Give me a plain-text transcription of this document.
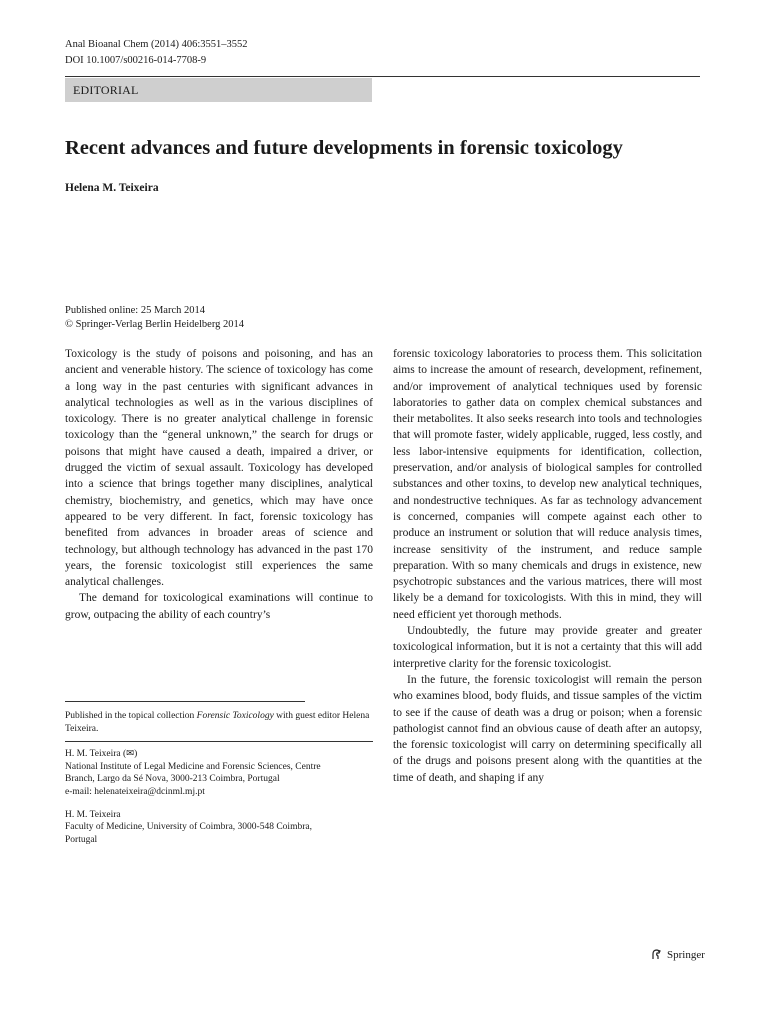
Anal Bioanal Chem (2014) 406:3551–3552
DOI 10.1007/s00216-014-7708-9
EDITORIAL
Recent advances and future developments in forensic toxicology
Helena M. Teixeira
Published online: 25 March 2014
© Springer-Verlag Berlin Heidelberg 2014

Toxicology is the study of poisons and poisoning, and has an ancient and venerable history. The science of toxicology has come a long way in the past centuries with significant advances in analytical technologies as well as in the various disciplines of toxicology. There is no greater analytical challenge in forensic toxicology than the “general unknown,” the search for drugs or poisons that might have caused a death, impaired a driver, or drugged the victim of sexual assault. Toxicology has developed into a science that brings together many disciplines, analytical chemistry, biochemistry, and genetics, which may have once appeared to be very different. In fact, forensic toxicology has benefited from advances in broader areas of science and technology, but although technology has advanced in the past 170 years, the forensic toxicologist still experiences the same analytical challenges.

The demand for toxicological examinations will continue to grow, outpacing the ability of each country’s

forensic toxicology laboratories to process them. This solicitation aims to increase the amount of research, development, refinement, and/or improvement of analytical techniques used by forensic laboratories to gather data on complex chemical substances and their metabolites. It also seeks research into tools and technologies that will promote faster, widely applicable, rugged, less costly, and less labor-intensive equipments for identification, collection, preservation, and/or analysis of biological samples for controlled substances and other toxins, to develop new analytical techniques, and nondestructive techniques. As far as technology advancement is concerned, companies will compete against each other to produce an instrument or solution that will reduce analysis times, increase sensitivity of the instrument, and reduce sample preparation. With so many chemicals and drugs in existence, new psychotropic substances and the various matrices, there will most likely be a demand for toxicologists. With this in mind, they will need efficient yet thorough methods.

Undoubtedly, the future may provide greater and greater toxicological information, but it is not a certainty that this will add interpretive clarity for the forensic toxicologist.

In the future, the forensic toxicologist will remain the person who examines blood, body fluids, and tissue samples of the victim to see if the cause of death was a drug or poison; when a forensic pathologist cannot find an obvious cause of death after an autopsy, the forensic toxicologist will carry on determining specifically all of the drugs and poisons present along with the quantities at the time of death, and shaping if any

Published in the topical collection Forensic Toxicology with guest editor Helena Teixeira.
H. M. Teixeira (✉)
National Institute of Legal Medicine and Forensic Sciences, Centre
Branch, Largo da Sé Nova, 3000-213 Coimbra, Portugal
e-mail: helenateixeira@dcinml.mj.pt
H. M. Teixeira
Faculty of Medicine, University of Coimbra, 3000-548 Coimbra,
Portugal
Springer
